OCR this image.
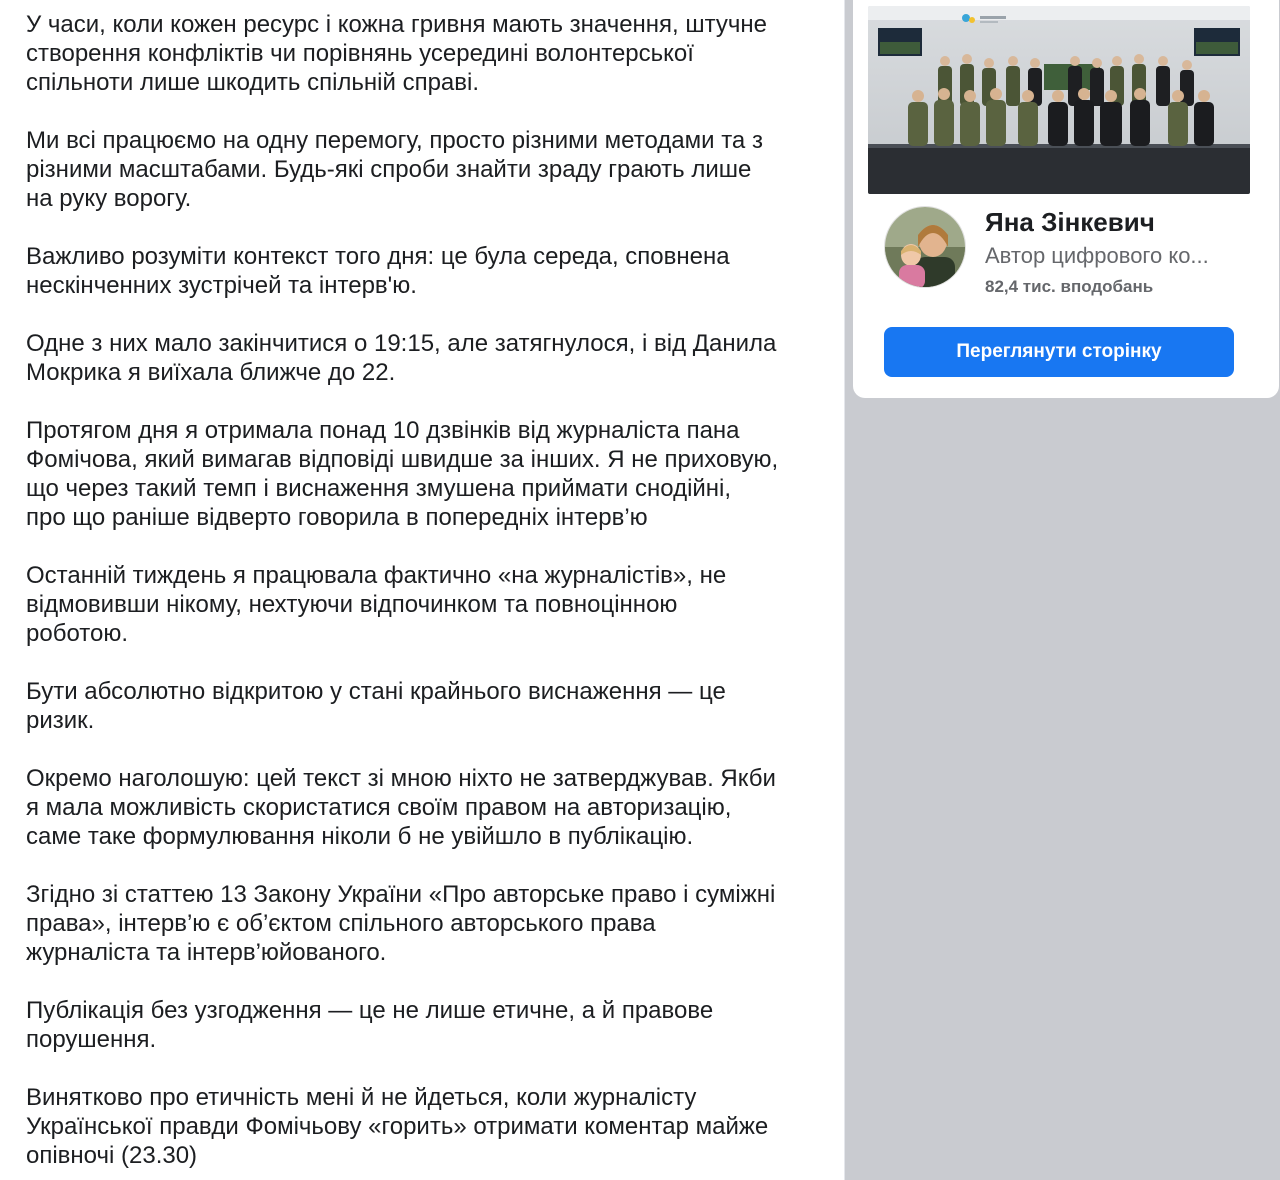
У часи, коли кожен ресурс і кожна гривня мають значення, штучне
створення конфліктів чи порівнянь усередині волонтерської
спільноти лише шкодить спільній справі.

Ми всі працюємо на одну перемогу, просто різними методами та з
різними масштабами. Будь-які спроби знайти зраду грають лише
на руку ворогу.

Важливо розуміти контекст того дня: це була середа, сповнена
нескінченних зустрічей та інтерв'ю.

Одне з них мало закінчитися о 19:15, але затягнулося, і від Данила
Мокрика я виїхала ближче до 22.

Протягом дня я отримала понад 10 дзвінків від журналіста пана
Фомічова, який вимагав відповіді швидше за інших. Я не приховую,
що через такий темп і виснаження змушена приймати снодійні,
про що раніше відверто говорила в попередніх інтерв’ю

Останній тиждень я працювала фактично «на журналістів», не
відмовивши нікому, нехтуючи відпочинком та повноцінною
роботою.

Бути абсолютно відкритою у стані крайнього виснаження — це
ризик.

Окремо наголошую: цей текст зі мною ніхто не затверджував. Якби
я мала можливість скористатися своїм правом на авторизацію,
саме таке формулювання ніколи б не увійшло в публікацію.

Згідно зі статтею 13 Закону України «Про авторське право і суміжні
права», інтерв’ю є об’єктом спільного авторського права
журналіста та інтерв’юйованого.

Публікація без узгодження — це не лише етичне, а й правове
порушення.

Винятково про етичність мені й не йдеться, коли журналісту
Української правди Фомічьову «горить» отримати коментар майже
опівночі (23.30)

Яна Зінкевич
Автор цифрового ко...
82,4 тис. вподобань
Переглянути сторінку
